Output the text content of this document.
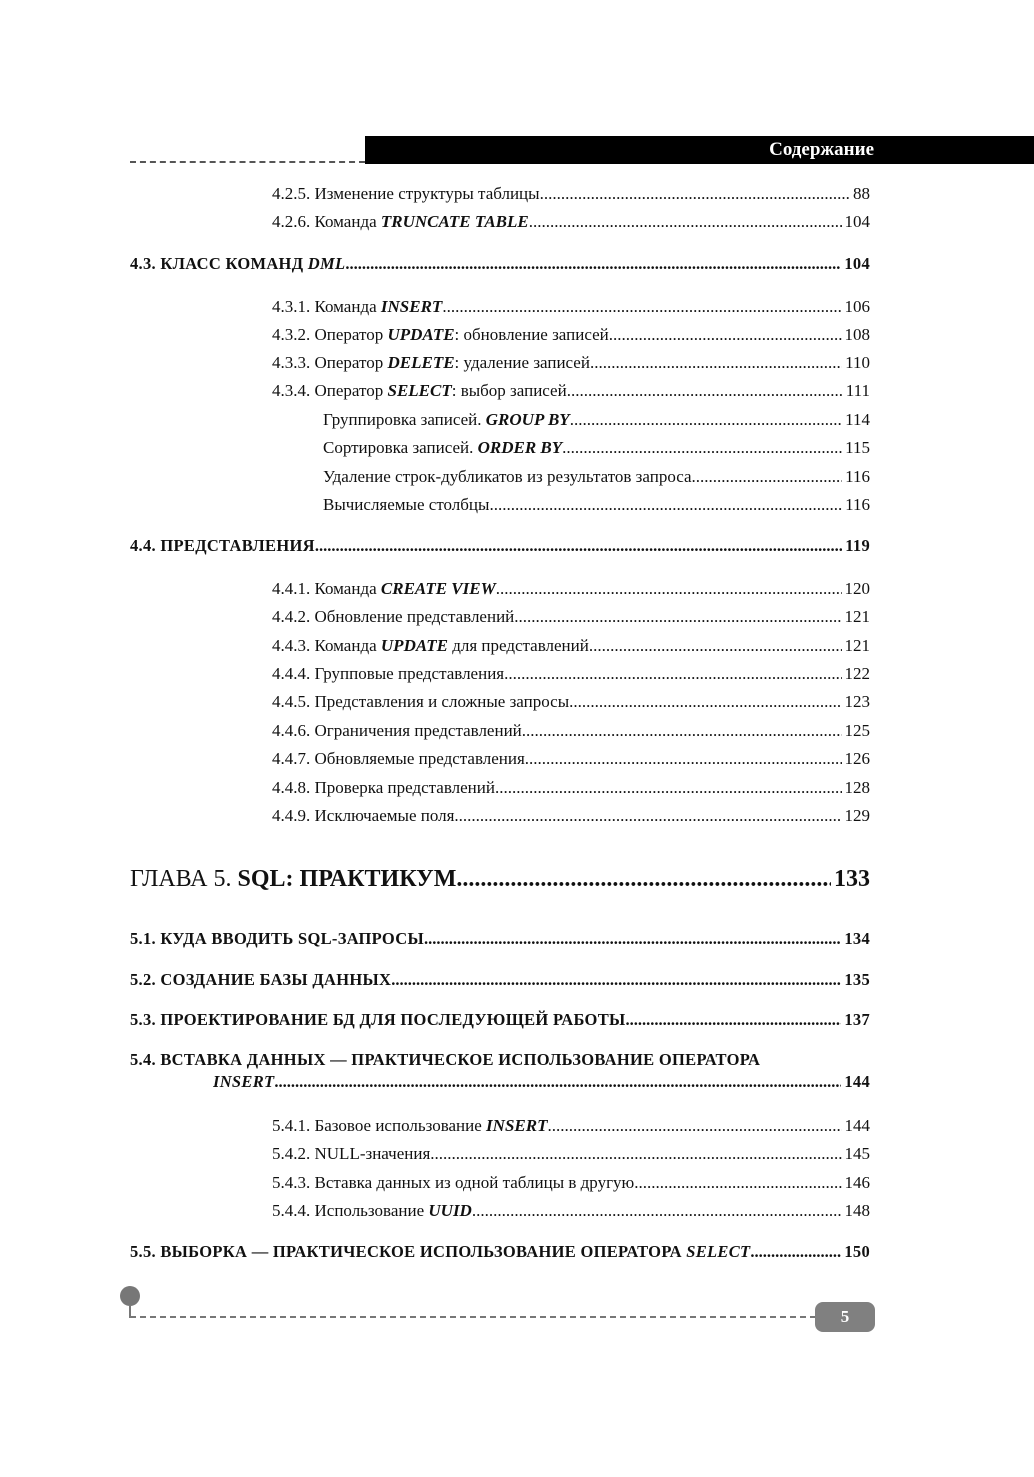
Содержание
4.2.5. Изменение структуры таблицы .....	88
4.2.6. Команда TRUNCATE TABLE .....	104
4.3. КЛАСС КОМАНД DML .....	104
4.3.1. Команда INSERT .....	106
4.3.2. Оператор UPDATE: обновление записей .....	108
4.3.3. Оператор DELETE: удаление записей .....	110
4.3.4. Оператор SELECT: выбор записей .....	111
Группировка записей. GROUP BY .....	114
Сортировка записей. ORDER BY .....	115
Удаление строк-дубликатов из результатов запроса .....	116
Вычисляемые столбцы .....	116
4.4. ПРЕДСТАВЛЕНИЯ .....	119
4.4.1. Команда CREATE VIEW .....	120
4.4.2. Обновление представлений .....	121
4.4.3. Команда UPDATE для представлений .....	121
4.4.4. Групповые представления .....	122
4.4.5. Представления и сложные запросы .....	123
4.4.6. Ограничения представлений .....	125
4.4.7. Обновляемые представления .....	126
4.4.8. Проверка представлений .....	128
4.4.9. Исключаемые поля .....	129
ГЛАВА 5. SQL: ПРАКТИКУМ .....	133
5.1. КУДА ВВОДИТЬ SQL-ЗАПРОСЫ .....	134
5.2. СОЗДАНИЕ БАЗЫ ДАННЫХ .....	135
5.3. ПРОЕКТИРОВАНИЕ БД ДЛЯ ПОСЛЕДУЮЩЕЙ РАБОТЫ .....	137
5.4. ВСТАВКА ДАННЫХ — ПРАКТИЧЕСКОЕ ИСПОЛЬЗОВАНИЕ ОПЕРАТОРА
INSERT .....	144
5.4.1. Базовое использование INSERT .....	144
5.4.2. NULL-значения .....	145
5.4.3. Вставка данных из одной таблицы в другую .....	146
5.4.4. Использование UUID .....	148
5.5. ВЫБОРКА — ПРАКТИЧЕСКОЕ ИСПОЛЬЗОВАНИЕ ОПЕРАТОРА SELECT .....	150
5
